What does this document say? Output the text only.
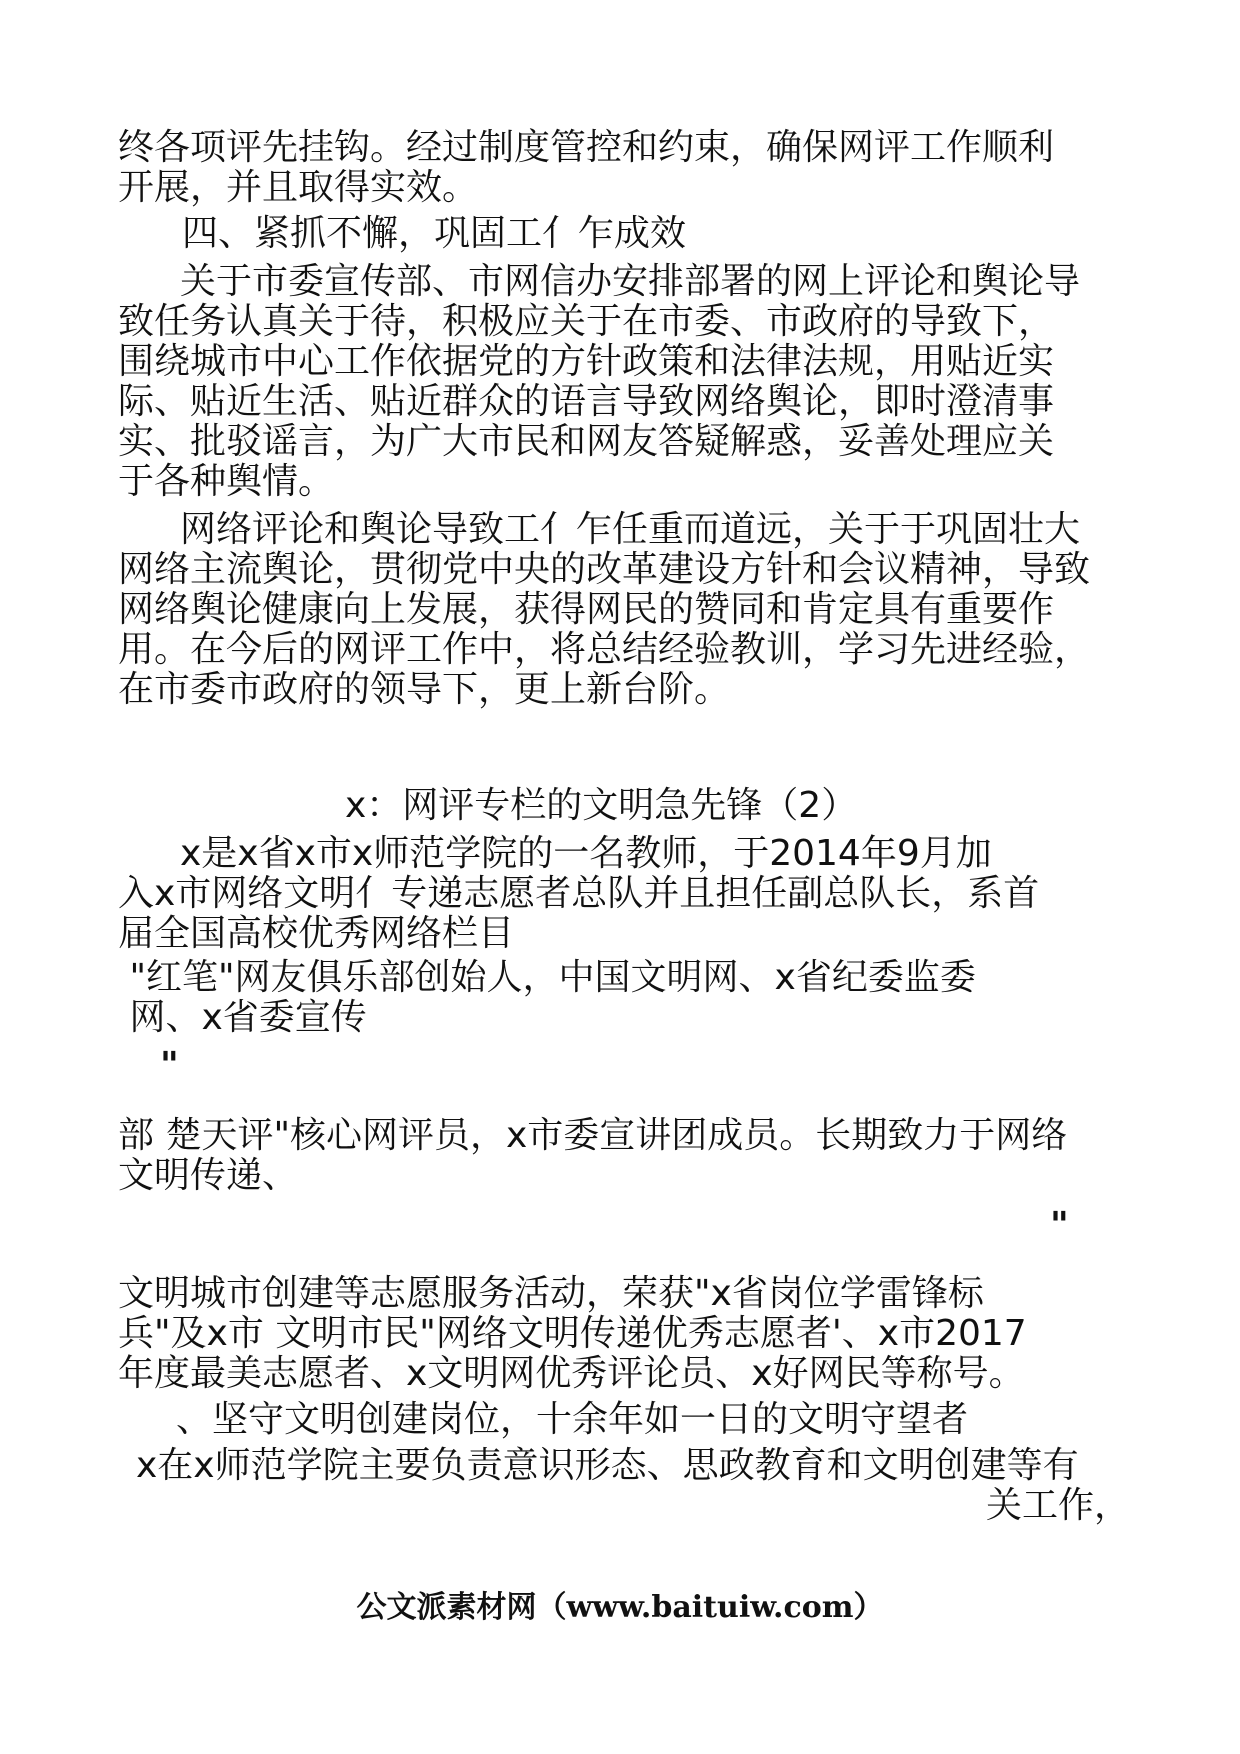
终各项评先挂钩。经过制度管控和约束，确保网评工作顺利
开展，并且取得实效。
四、紧抓不懈，巩固工亻乍成效
关于市委宣传部、市网信办安排部署的网上评论和舆论导
致任务认真关于待，积极应关于在市委、市政府的导致下，
围绕城市中心工作依据党的方针政策和法律法规，用贴近实
际、贴近生活、贴近群众的语言导致网络舆论，即时澄清事
实、批驳谣言，为广大市民和网友答疑解惑，妥善处理应关
于各种舆情。
网络评论和舆论导致工亻乍任重而道远，关于于巩固壮大
网络主流舆论，贯彻党中央的改革建设方针和会议精神，导致
网络舆论健康向上发展，获得网民的赞同和肯定具有重要作
用。在今后的网评工作中，将总结经验教训，学习先进经验，
在市委市政府的领导下，更上新台阶。
x：网评专栏的文明急先锋（2）
x是x省x市x师范学院的一名教师，于2014年9月加
入x市网络文明亻专递志愿者总队并且担任副总队长，系首
届全国高校优秀网络栏目
"红笔"网友俱乐部创始人，中国文明网、x省纪委监委
网、x省委宣传
"
部 楚天评"核心网评员，x市委宣讲团成员。长期致力于网络
文明传递、
"
文明城市创建等志愿服务活动，荣获"x省岗位学雷锋标
兵"及x市 文明市民"网络文明传递优秀志愿者'、x市2017
年度最美志愿者、x文明网优秀评论员、x好网民等称号。
、坚守文明创建岗位，十余年如一日的文明守望者
x在x师范学院主要负责意识形态、思政教育和文明创建等有
关工作，
公文派素材网（www.baituiw.com）
